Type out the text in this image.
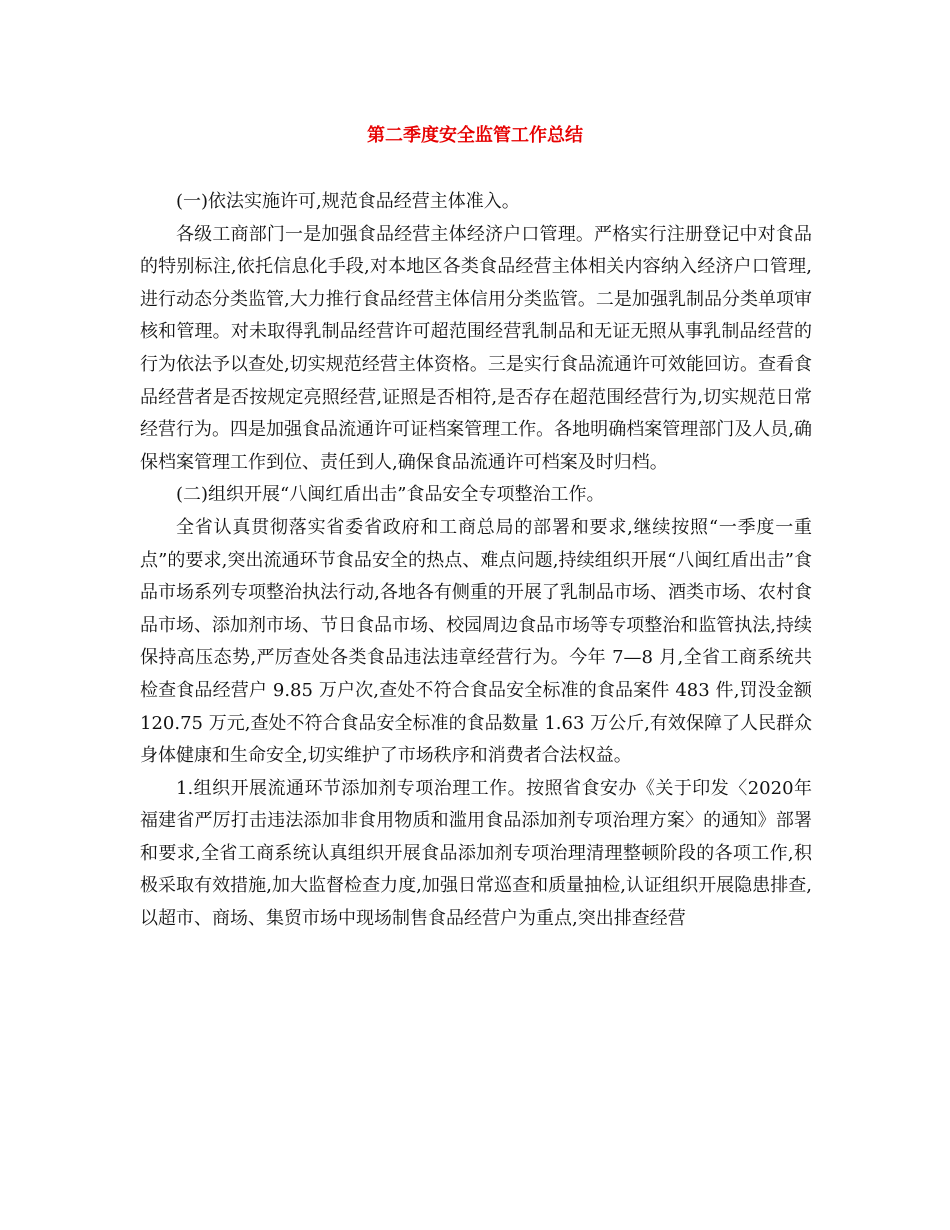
第二季度安全监管工作总结

(一)依法实施许可,规范食品经营主体准入。

各级工商部门一是加强食品经营主体经济户口管理。严格实行注册登记中对食品的特别标注,依托信息化手段,对本地区各类食品经营主体相关内容纳入经济户口管理,进行动态分类监管,大力推行食品经营主体信用分类监管。二是加强乳制品分类单项审核和管理。对未取得乳制品经营许可超范围经营乳制品和无证无照从事乳制品经营的行为依法予以查处,切实规范经营主体资格。三是实行食品流通许可效能回访。查看食品经营者是否按规定亮照经营,证照是否相符,是否存在超范围经营行为,切实规范日常经营行为。四是加强食品流通许可证档案管理工作。各地明确档案管理部门及人员,确保档案管理工作到位、责任到人,确保食品流通许可档案及时归档。

(二)组织开展“八闽红盾出击”食品安全专项整治工作。

全省认真贯彻落实省委省政府和工商总局的部署和要求,继续按照“一季度一重点”的要求,突出流通环节食品安全的热点、难点问题,持续组织开展“八闽红盾出击”食品市场系列专项整治执法行动,各地各有侧重的开展了乳制品市场、酒类市场、农村食品市场、添加剂市场、节日食品市场、校园周边食品市场等专项整治和监管执法,持续保持高压态势,严厉查处各类食品违法违章经营行为。今年 7—8 月,全省工商系统共检查食品经营户 9.85 万户次,查处不符合食品安全标准的食品案件 483 件,罚没金额 120.75 万元,查处不符合食品安全标准的食品数量 1.63 万公斤,有效保障了人民群众身体健康和生命安全,切实维护了市场秩序和消费者合法权益。

1.组织开展流通环节添加剂专项治理工作。按照省食安办《关于印发〈2020年福建省严厉打击违法添加非食用物质和滥用食品添加剂专项治理方案〉的通知》部署和要求,全省工商系统认真组织开展食品添加剂专项治理清理整顿阶段的各项工作,积极采取有效措施,加大监督检查力度,加强日常巡查和质量抽检,认证组织开展隐患排查,以超市、商场、集贸市场中现场制售食品经营户为重点,突出排查经营
